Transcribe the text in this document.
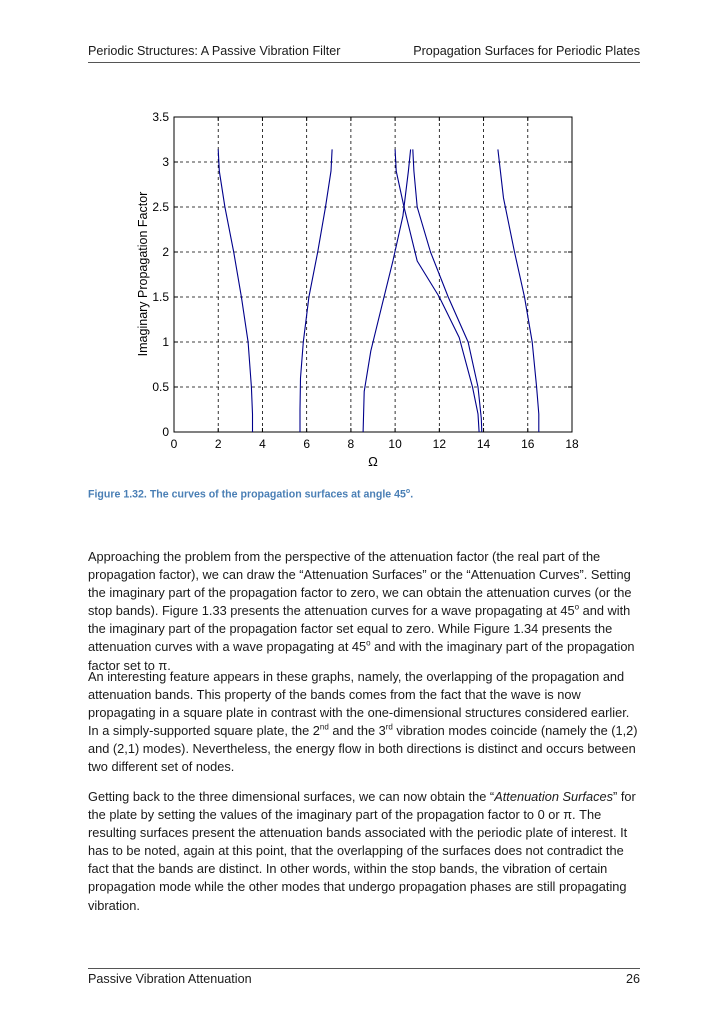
Periodic Structures: A Passive Vibration Filter	Propagation Surfaces for Periodic Plates
0	2	4	6	8	10	12	14	16	18
0
0.5
1
1.5
2
2.5
3
3.5
Ω
Imaginary Propagation Factor
Figure 1.32. The curves of the propagation surfaces at angle 45$^o$.

Approaching the problem from the perspective of the attenuation factor (the real part of the propagation factor), we can draw the “Attenuation Surfaces” or the “Attenuation Curves”. Setting the imaginary part of the propagation factor to zero, we can obtain the attenuation curves (or the stop bands). Figure 1.33 presents the attenuation curves for a wave propagating at 45$^o$ and with the imaginary part of the propagation factor set equal to zero. While Figure 1.34 presents the attenuation curves with a wave propagating at 45$^o$ and with the imaginary part of the propagation factor set to π.

An interesting feature appears in these graphs, namely, the overlapping of the propagation and attenuation bands. This property of the bands comes from the fact that the wave is now propagating in a square plate in contrast with the one-dimensional structures considered earlier. In a simply-supported square plate, the 2nd and the 3rd vibration modes coincide (namely the (1,2) and (2,1) modes). Nevertheless, the energy flow in both directions is distinct and occurs between two different set of nodes.

Getting back to the three dimensional surfaces, we can now obtain the “Attenuation Surfaces” for the plate by setting the values of the imaginary part of the propagation factor to 0 or π. The resulting surfaces present the attenuation bands associated with the periodic plate of interest. It has to be noted, again at this point, that the overlapping of the surfaces does not contradict the fact that the bands are distinct. In other words, within the stop bands, the vibration of certain propagation mode while the other modes that undergo propagation phases are still propagating vibration.

Passive Vibration Attenuation	26
